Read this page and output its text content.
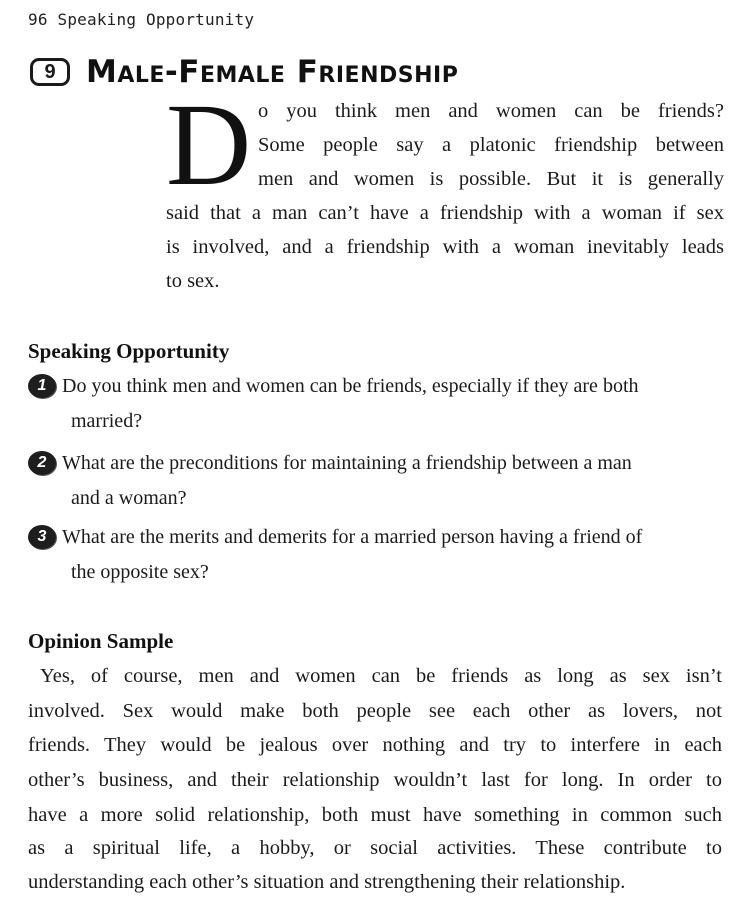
96 Speaking Opportunity
9 Male-Female Friendship
D o you think men and women can be friends?
Some people say a platonic friendship between
men and women is possible. But it is generally
said that a man can’t have a friendship with a woman if sex
is involved, and a friendship with a woman inevitably leads
to sex.
Speaking Opportunity
1 Do you think men and women can be friends, especially if they are both
married?
2 What are the preconditions for maintaining a friendship between a man
and a woman?
3 What are the merits and demerits for a married person having a friend of
the opposite sex?
Opinion Sample
Yes, of course, men and women can be friends as long as sex isn’t
involved. Sex would make both people see each other as lovers, not
friends. They would be jealous over nothing and try to interfere in each
other’s business, and their relationship wouldn’t last for long. In order to
have a more solid relationship, both must have something in common such
as a spiritual life, a hobby, or social activities. These contribute to
understanding each other’s situation and strengthening their relationship.
